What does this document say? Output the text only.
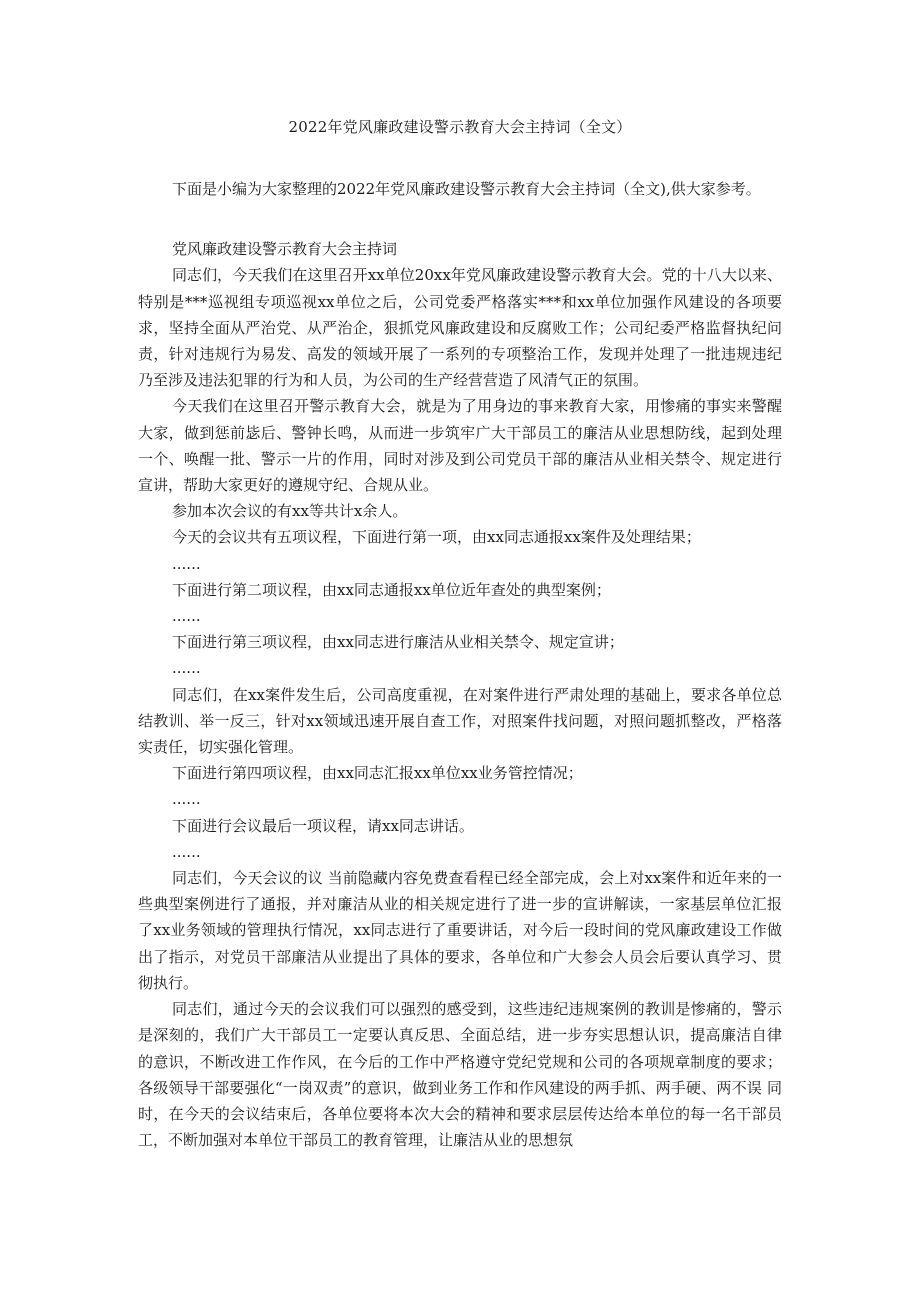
2022年党风廉政建设警示教育大会主持词（全文）

下面是小编为大家整理的2022年党风廉政建设警示教育大会主持词（全文),供大家参考。

党风廉政建设警示教育大会主持词

同志们，今天我们在这里召开xx单位20xx年党风廉政建设警示教育大会。党的十八大以来、特别是***巡视组专项巡视xx单位之后，公司党委严格落实***和xx单位加强作风建设的各项要求，坚持全面从严治党、从严治企，狠抓党风廉政建设和反腐败工作；公司纪委严格监督执纪问责，针对违规行为易发、高发的领域开展了一系列的专项整治工作，发现并处理了一批违规违纪乃至涉及违法犯罪的行为和人员，为公司的生产经营营造了风清气正的氛围。

今天我们在这里召开警示教育大会，就是为了用身边的事来教育大家，用惨痛的事实来警醒大家，做到惩前毖后、警钟长鸣，从而进一步筑牢广大干部员工的廉洁从业思想防线，起到处理一个、唤醒一批、警示一片的作用，同时对涉及到公司党员干部的廉洁从业相关禁令、规定进行宣讲，帮助大家更好的遵规守纪、合规从业。

参加本次会议的有xx等共计x余人。

今天的会议共有五项议程，下面进行第一项，由xx同志通报xx案件及处理结果；

......

下面进行第二项议程，由xx同志通报xx单位近年查处的典型案例；

......

下面进行第三项议程，由xx同志进行廉洁从业相关禁令、规定宣讲；

......

同志们，在xx案件发生后，公司高度重视，在对案件进行严肃处理的基础上，要求各单位总结教训、举一反三，针对xx领域迅速开展自查工作，对照案件找问题，对照问题抓整改，严格落实责任，切实强化管理。

下面进行第四项议程，由xx同志汇报xx单位xx业务管控情况；

......

下面进行会议最后一项议程，请xx同志讲话。

......

同志们，今天会议的议 当前隐藏内容免费查看程已经全部完成，会上对xx案件和近年来的一些典型案例进行了通报，并对廉洁从业的相关规定进行了进一步的宣讲解读，一家基层单位汇报了xx业务领域的管理执行情况，xx同志进行了重要讲话，对今后一段时间的党风廉政建设工作做出了指示，对党员干部廉洁从业提出了具体的要求，各单位和广大参会人员会后要认真学习、贯彻执行。

同志们，通过今天的会议我们可以强烈的感受到，这些违纪违规案例的教训是惨痛的，警示是深刻的，我们广大干部员工一定要认真反思、全面总结，进一步夯实思想认识，提高廉洁自律的意识，不断改进工作作风，在今后的工作中严格遵守党纪党规和公司的各项规章制度的要求；各级领导干部要强化“一岗双责”的意识，做到业务工作和作风建设的两手抓、两手硬、两不误 同时，在今天的会议结束后，各单位要将本次大会的精神和要求层层传达给本单位的每一名干部员工，不断加强对本单位干部员工的教育管理，让廉洁从业的思想氛
